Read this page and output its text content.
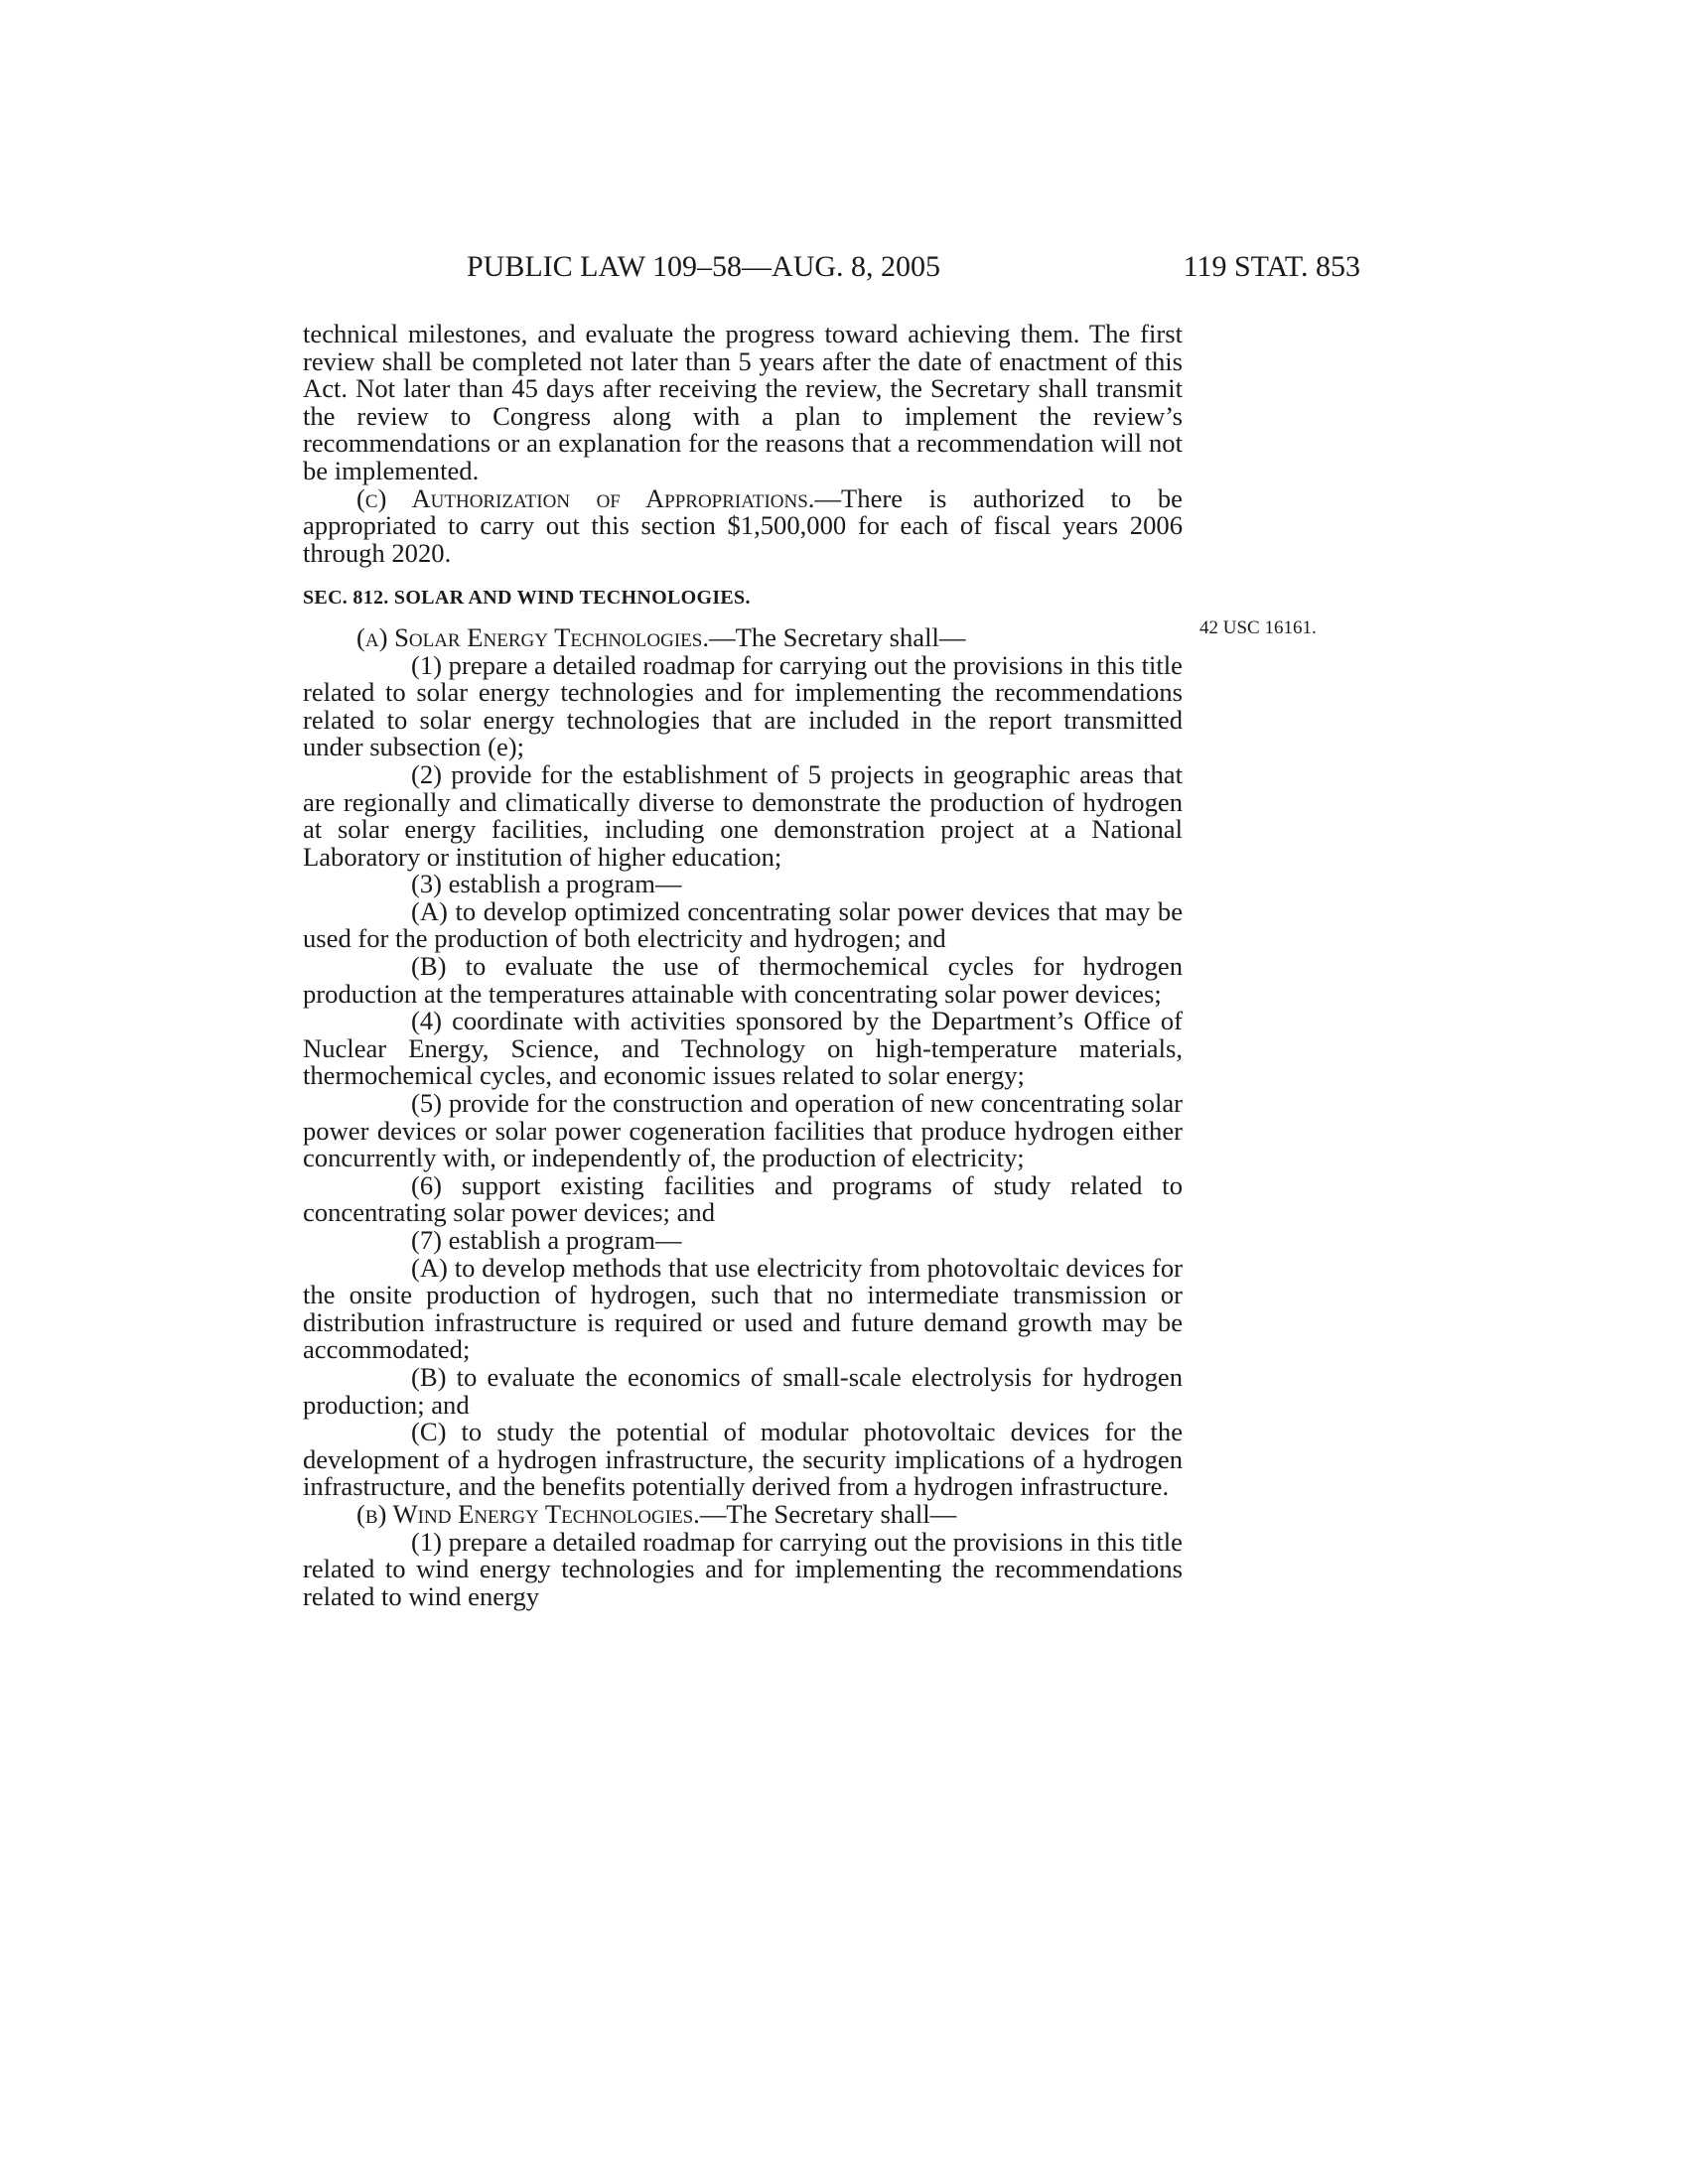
PUBLIC LAW 109–58—AUG. 8, 2005	119 STAT. 853
42 USC 16161.

technical milestones, and evaluate the progress toward achieving them. The first review shall be completed not later than 5 years after the date of enactment of this Act. Not later than 45 days after receiving the review, the Secretary shall transmit the review to Congress along with a plan to implement the review’s recommendations or an explanation for the reasons that a recommendation will not be implemented.

(c) Authorization of Appropriations.—There is authorized to be appropriated to carry out this section $1,500,000 for each of fiscal years 2006 through 2020.

SEC. 812. SOLAR AND WIND TECHNOLOGIES.

(a) Solar Energy Technologies.—The Secretary shall—

(1) prepare a detailed roadmap for carrying out the provisions in this title related to solar energy technologies and for implementing the recommendations related to solar energy technologies that are included in the report transmitted under subsection (e);

(2) provide for the establishment of 5 projects in geographic areas that are regionally and climatically diverse to demonstrate the production of hydrogen at solar energy facilities, including one demonstration project at a National Laboratory or institution of higher education;

(3) establish a program—

(A) to develop optimized concentrating solar power devices that may be used for the production of both electricity and hydrogen; and

(B) to evaluate the use of thermochemical cycles for hydrogen production at the temperatures attainable with concentrating solar power devices;

(4) coordinate with activities sponsored by the Department’s Office of Nuclear Energy, Science, and Technology on high-temperature materials, thermochemical cycles, and economic issues related to solar energy;

(5) provide for the construction and operation of new concentrating solar power devices or solar power cogeneration facilities that produce hydrogen either concurrently with, or independently of, the production of electricity;

(6) support existing facilities and programs of study related to concentrating solar power devices; and

(7) establish a program—

(A) to develop methods that use electricity from photovoltaic devices for the onsite production of hydrogen, such that no intermediate transmission or distribution infrastructure is required or used and future demand growth may be accommodated;

(B) to evaluate the economics of small-scale electrolysis for hydrogen production; and

(C) to study the potential of modular photovoltaic devices for the development of a hydrogen infrastructure, the security implications of a hydrogen infrastructure, and the benefits potentially derived from a hydrogen infrastructure.

(b) Wind Energy Technologies.—The Secretary shall—

(1) prepare a detailed roadmap for carrying out the provisions in this title related to wind energy technologies and for implementing the recommendations related to wind energy
